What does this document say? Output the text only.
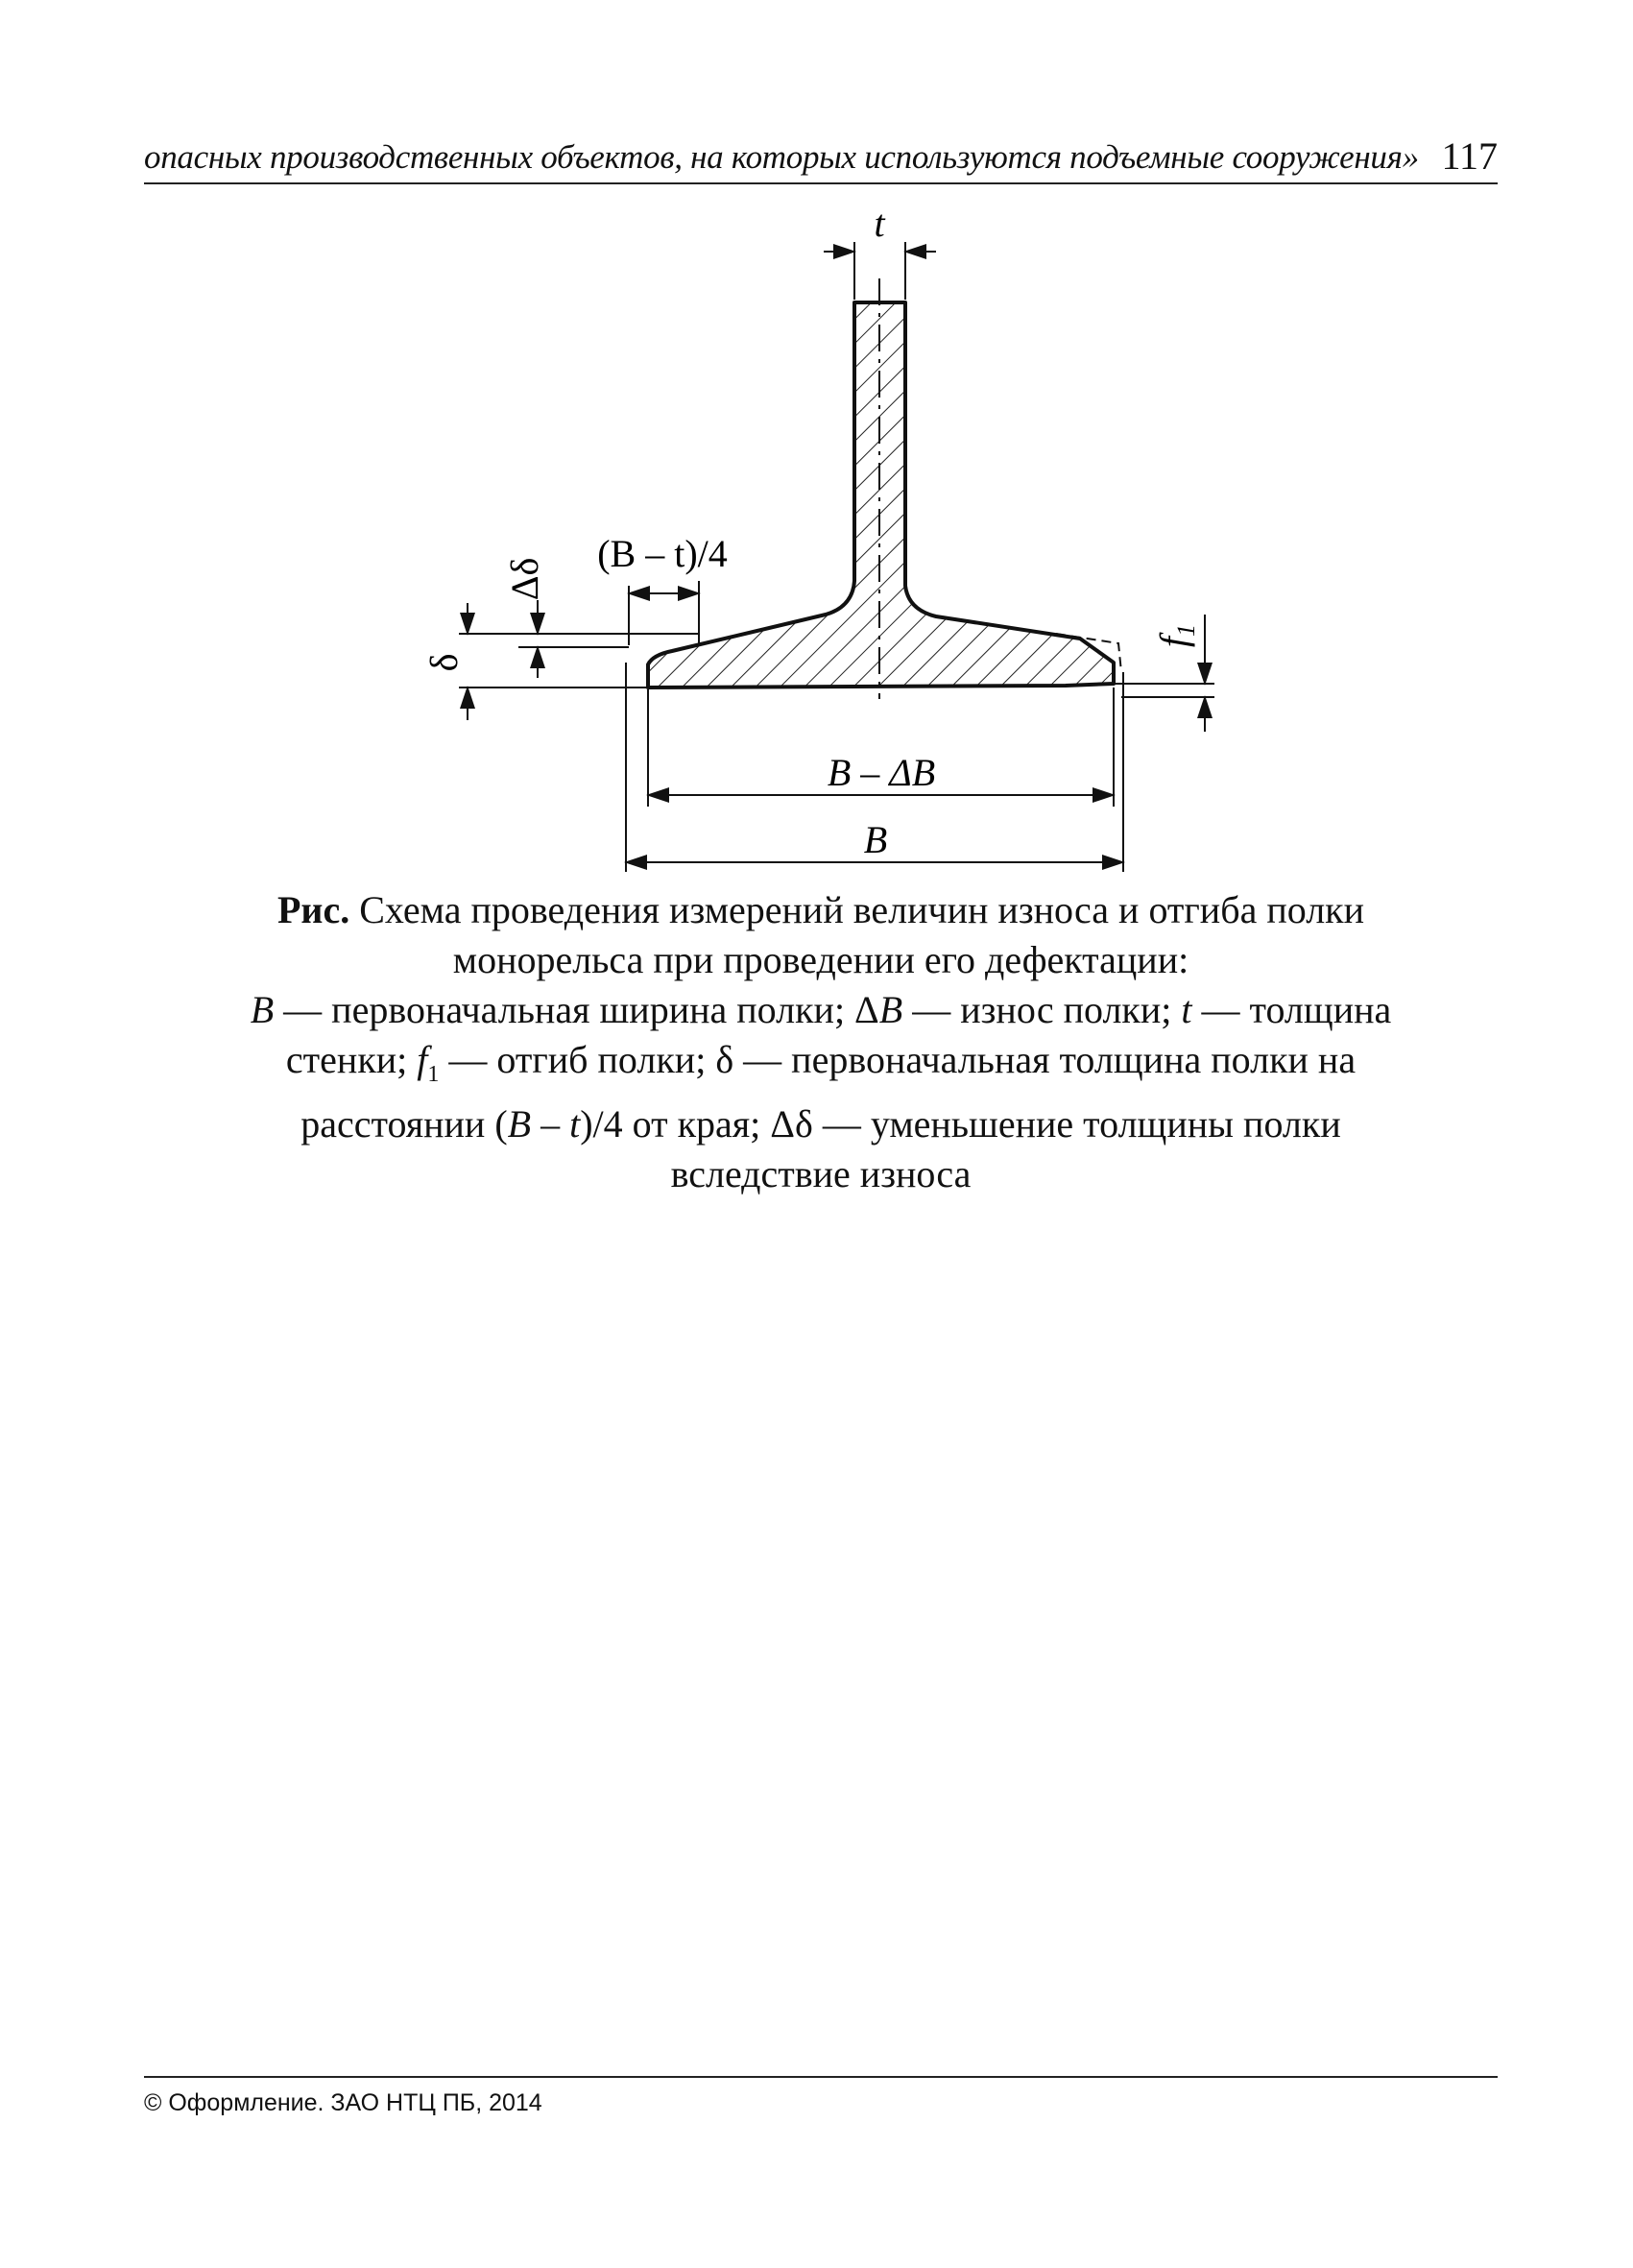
опасных производственных объектов, на которых используются подъемные сооружения» 117
t
(B – t)/4
δ
Δδ
$f_1$
B – ΔB
B
Рис. Схема проведения измерений величин износа и отгиба полки
монорельса при проведении его дефектации:
B — первоначальная ширина полки; ΔB — износ полки; t — толщина
стенки; $f_1$ — отгиб полки; δ — первоначальная толщина полки на
расстоянии (B – t)/4 от края; Δδ — уменьшение толщины полки
вследствие износа
© Оформление. ЗАО НТЦ ПБ, 2014
